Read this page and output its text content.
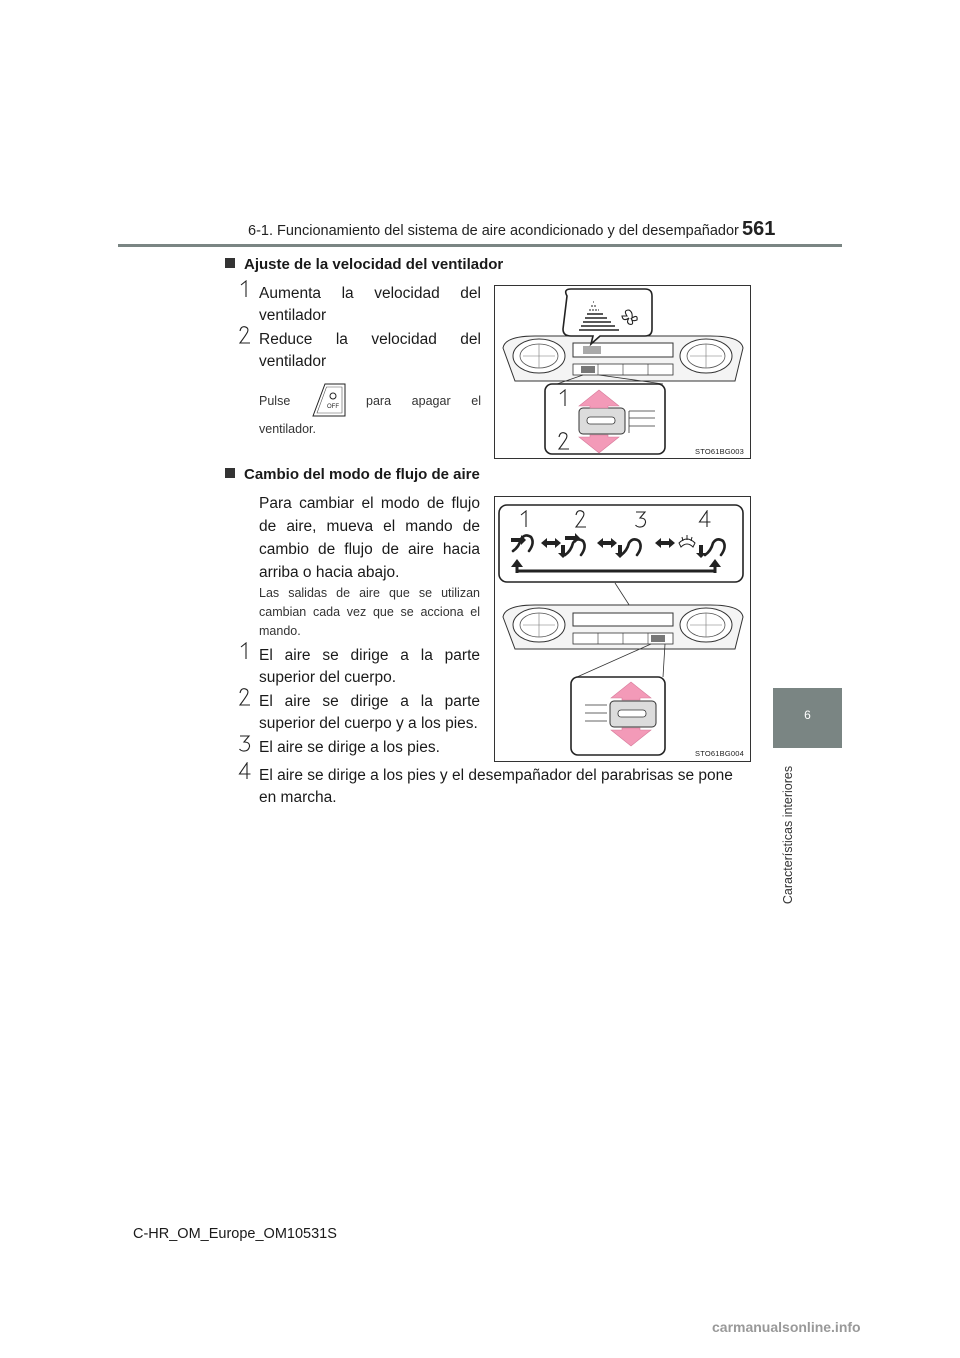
6-1. Funcionamiento del sistema de aire acondicionado y del desempañador 561
6
Características interiores
Ajuste de la velocidad del ventilador
Aumenta la velocidad del ventilador
Reduce la velocidad del ventilador
Pulse	OFF para apagar el
ventilador.
STO61BG003
Cambio del modo de flujo de aire
Para cambiar el modo de flujo de aire, mueva el mando de cambio de flujo de aire hacia arriba o hacia abajo.
Las salidas de aire que se utilizan cambian cada vez que se acciona el mando.
El aire se dirige a la parte superior del cuerpo.
El aire se dirige a la parte superior del cuerpo y a los pies.
El aire se dirige a los pies.
El aire se dirige a los pies y el desempañador del parabrisas se pone en marcha.
STO61BG004
C-HR_OM_Europe_OM10531S
carmanualsonline.info
